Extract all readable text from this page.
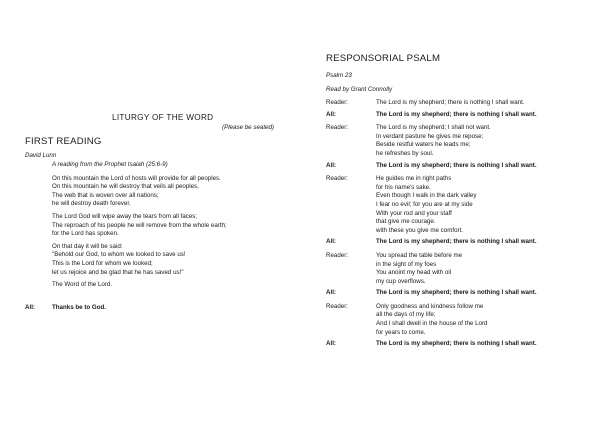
LITURGY OF THE WORD
(Please be seated)
FIRST READING
David Lunn
A reading from the Prophet Isaiah (25:6-9)
On this mountain the Lord of hosts will provide for all peoples.
On this mountain he will destroy that veils all peoples,
The web that is woven over all nations;
he will destroy death forever.
The Lord God will wipe away the tears from all faces;
The reproach of his people he will remove from the whole earth;
for the Lord has spoken.
On that day it will be said:
"Behold our God, to whom we looked to save us!
This is the Lord for whom we looked;
let us rejoice and be glad that he has saved us!"
The Word of the Lord.
All:	Thanks be to God.
RESPONSORIAL PSALM
Psalm 23
Read by Grant Connolly
Reader:	The Lord is my shepherd; there is nothing I shall want.
All:	The Lord is my shepherd; there is nothing I shall want.
Reader:	The Lord is my shepherd; I shall not want.
In verdant pasture he gives me repose;
Beside restful waters he leads me;
he refreshes by soul.
All:	The Lord is my shepherd; there is nothing I shall want.
Reader:	He guides me in right paths
for his name's sake.
Even though I walk in the dark valley
I fear no evil; for you are at my side
With your rod and your staff
that give me courage.
with these you give me comfort.
All:	The Lord is my shepherd; there is nothing I shall want.
Reader:	You spread the table before me
in the sight of my foes
You anoint my head with oil
my cup overflows.
All:	The Lord is my shepherd; there is nothing I shall want.
Reader:	Only goodness and kindness follow me
all the days of my life;
And I shall dwell in the house of the Lord
for years to come.
All:	The Lord is my shepherd; there is nothing I shall want.
